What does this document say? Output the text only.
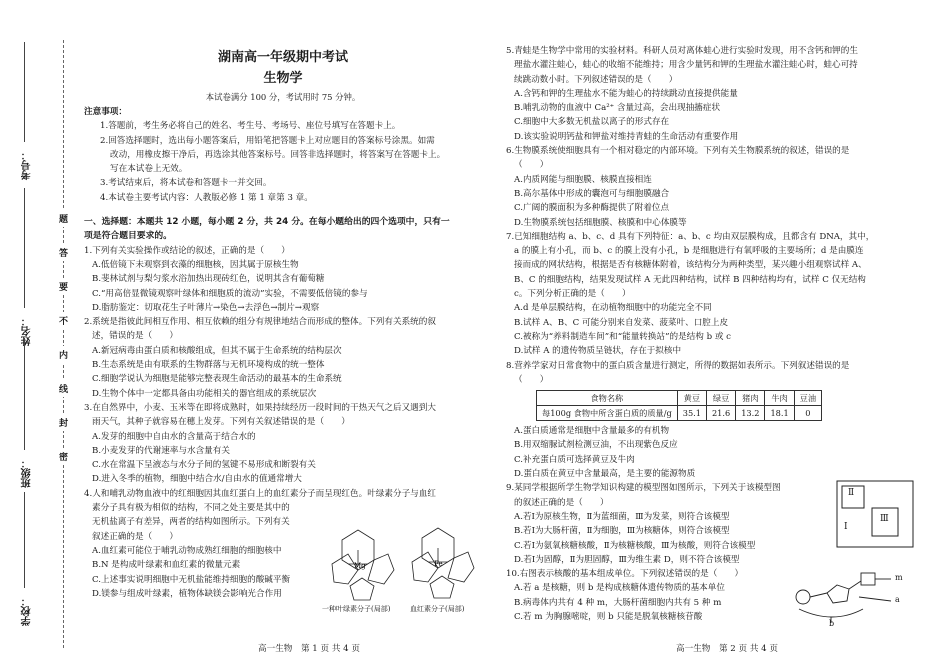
考号：
姓名：
班级：
学校：
题
答
要
不
内
线
封
密

湖南高一年级期中考试

生物学

本试卷满分 100 分，考试用时 75 分钟。

注意事项：

1.答题前，考生务必将自己的姓名、考生号、考场号、座位号填写在答题卡上。

2.回答选择题时，选出每小题答案后，用铅笔把答题卡上对应题目的答案标号涂黑。如需

改动，用橡皮擦干净后，再选涂其他答案标号。回答非选择题时，将答案写在答题卡上。

写在本试卷上无效。

3.考试结束后，将本试卷和答题卡一并交回。

4.本试卷主要考试内容：人教版必修 1 第 1 章第 3 章。

一、选择题：本题共 12 小题，每小题 2 分，共 24 分。在每小题给出的四个选项中，只有一

项是符合题目要求的。

1.下列有关实验操作或结论的叙述，正确的是（　　）

A.低倍镜下未观察到衣藻的细胞核，因其属于原核生物

B.斐林试剂与梨匀浆水浴加热出现砖红色，说明其含有葡萄糖

C.“用高倍显微镜观察叶绿体和细胞质的流动”实验，不需要低倍镜的参与

D.脂肪鉴定：切取花生子叶薄片→染色→去浮色→制片→观察

2.系统是指彼此间相互作用、相互依赖的组分有规律地结合而形成的整体。下列有关系统的叙

述，错误的是（　　）

A.新冠病毒由蛋白质和核酸组成，但其不属于生命系统的结构层次

B.生态系统是由有联系的生物群落与无机环境构成的统一整体

C.细胞学说认为细胞是能够完整表现生命活动的最基本的生命系统

D.生物个体中一定都具备由功能相关的器官组成的系统层次

3.在自然界中，小麦、玉米等在即将成熟时，如果持续经历一段时间的干热天气之后又遇到大

雨天气，其种子就容易在穗上发芽。下列有关叙述错误的是（　　）

A.发芽的细胞中自由水的含量高于结合水的

B.小麦发芽的代谢速率与水含量有关

C.水在常温下呈液态与水分子间的氢键不易形成和断裂有关

D.进入冬季的植物，细胞中结合水/自由水的值通常增大

4.人和哺乳动物血液中的红细胞因其血红蛋白上的血红素分子而呈现红色。叶绿素分子与血红

素分子具有极为相似的结构，不同之处主要是其中的

无机盐离子有差异，两者的结构如图所示。下列有关

叙述正确的是（　　）

A.血红素可能位于哺乳动物成熟红细胞的细胞核中

B.N 是构成叶绿素和血红素的微量元素

C.上述事实说明细胞中无机盐能维持细胞的酸碱平衡

D.镁参与组成叶绿素，植物体缺镁会影响光合作用

Mg	Fe
一种叶绿素分子(局部)	血红素分子(局部)

5.青蛙是生物学中常用的实验材料。科研人员对离体蛙心进行实验时发现，用不含钙和钾的生

理盐水灌注蛙心，蛙心的收缩不能维持；用含少量钙和钾的生理盐水灌注蛙心时，蛙心可持

续跳动数小时。下列叙述错误的是（　　）

A.含钙和钾的生理盐水不能为蛙心的持续跳动直接提供能量

B.哺乳动物的血液中 Ca²⁺ 含量过高，会出现抽搐症状

C.细胞中大多数无机盐以离子的形式存在

D.该实验说明钙盐和钾盐对维持青蛙的生命活动有重要作用

6.生物膜系统使细胞具有一个相对稳定的内部环境。下列有关生物膜系统的叙述，错误的是

（　　）

A.内质网能与细胞膜、核膜直接相连

B.高尔基体中形成的囊泡可与细胞膜融合

C.广阔的膜面积为多种酶提供了附着位点

D.生物膜系统包括细胞膜、核膜和中心体膜等

7.已知细胞结构 a、b、c、d 具有下列特征：a、b、c 均由双层膜构成，且都含有 DNA，其中，

a 的膜上有小孔，而 b、c 的膜上没有小孔，b 是细胞进行有氧呼吸的主要场所；d 是由膜连

接而成的网状结构，根据是否有核糖体附着，该结构分为两种类型，某兴趣小组观察试样 A、

B、C 的细胞结构，结果发现试样 A 无此四种结构，试样 B 四种结构均有，试样 C 仅无结构

c。下列分析正确的是（　　）

A.d 是单层膜结构，在动植物细胞中的功能完全不同

B.试样 A、B、C 可能分别来自发菜、菠菜叶、口腔上皮

C.被称为“养料制造车间”和“能量转换站”的是结构 b 或 c

D.试样 A 的遗传物质呈链状，存在于拟核中

8.营养学家对日常食物中的蛋白质含量进行测定，所得的数据如表所示。下列叙述错误的是

（　　）

食物名称	黄豆	绿豆	猪肉	牛肉	豆油
每100g 食物中所含蛋白质的质量/g	35.1	21.6	13.2	18.1	0

A.蛋白质通常是细胞中含量最多的有机物

B.用双缩脲试剂检测豆油，不出现紫色反应

C.补充蛋白质可选择黄豆及牛肉

D.蛋白质在黄豆中含量最高，是主要的能源物质

9.某同学根据所学生物学知识构建的模型图如图所示，下列关于该模型图

的叙述正确的是（　　）

A.若Ⅰ为原核生物，Ⅱ为蓝细菌，Ⅲ为发菜，则符合该模型

B.若Ⅰ为大肠杆菌，Ⅱ为细胞，Ⅲ为核糖体，则符合该模型

C.若Ⅰ为氨氧核糖核酸，Ⅱ为核糖核酸，Ⅲ为核酸，则符合该模型

D.若Ⅰ为固醇，Ⅱ为胆固醇，Ⅲ为维生素 D，则不符合该模型

10.右图表示核酸的基本组成单位。下列叙述错误的是（　　）

A.若 a 是核糖，则 b 是构成核糖体遗传物质的基本单位

B.病毒体内共有 4 种 m，大肠杆菌细胞内共有 5 种 m

C.若 m 为胸腺嘧啶，则 b 只能是脱氧核糖核苷酸

Ⅱ
Ⅲ
Ⅰ
m
a
b
高一生物　第 1 页 共 4 页	高一生物　第 2 页 共 4 页
